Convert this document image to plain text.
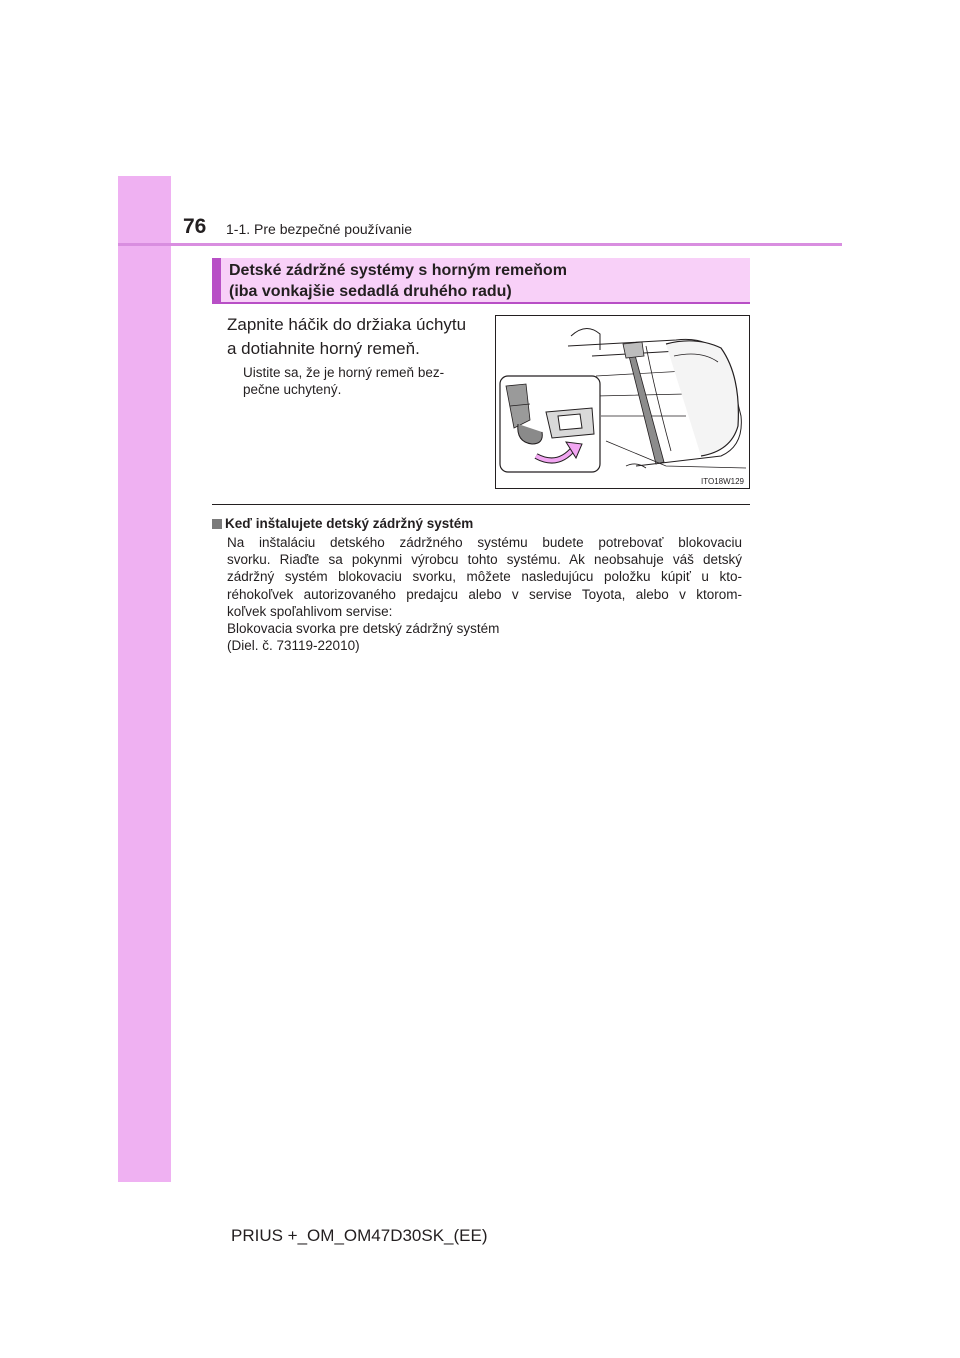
76 1-1. Pre bezpečné používanie
Detské zádržné systémy s horným remeňom
(iba vonkajšie sedadlá druhého radu)
Zapnite háčik do držiaka úchytu
a dotiahnite horný remeň.
Uistite sa, že je horný remeň bez-
pečne uchytený.
ITO18W129
Keď inštalujete detský zádržný systém
Na inštaláciu detského zádržného systému budete potrebovať blokovaciu
svorku. Riaďte sa pokynmi výrobcu tohto systému. Ak neobsahuje váš detský
zádržný systém blokovaciu svorku, môžete nasledujúcu položku kúpiť u kto-
réhokoľvek autorizovaného predajcu alebo v servise Toyota, alebo v ktorom-
koľvek spoľahlivom servise:
Blokovacia svorka pre detský zádržný systém
(Diel. č. 73119-22010)
PRIUS +_OM_OM47D30SK_(EE)
